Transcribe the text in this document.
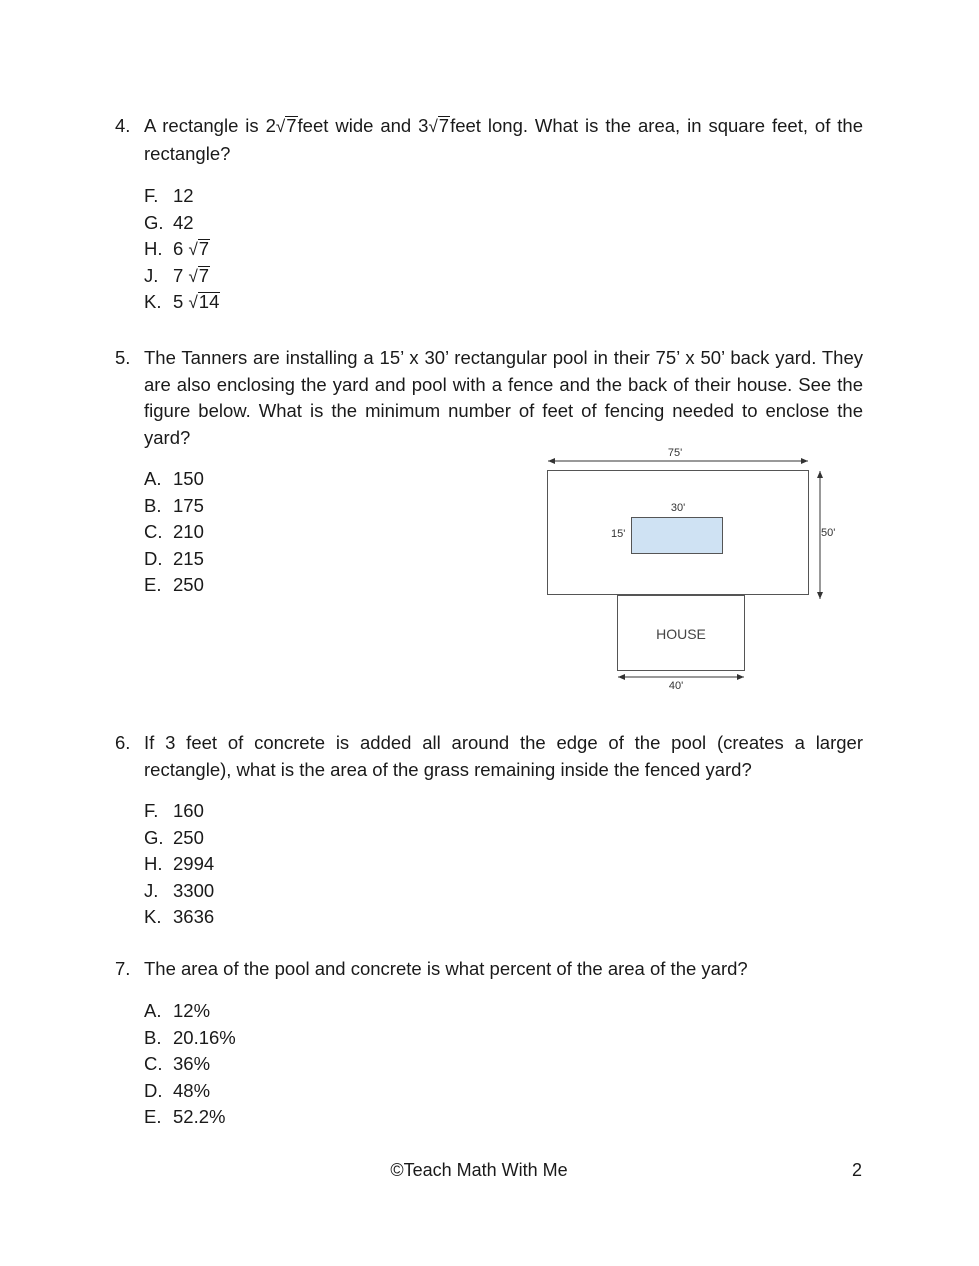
4. A rectangle is 2√7feet wide and 3√7feet long. What is the area, in square feet, of the rectangle?
F. 12
G. 42
H. 6 √7
J. 7 √7
K. 5 √14
5. The Tanners are installing a 15’ x 30’ rectangular pool in their 75’ x 50’ back yard. They are also enclosing the yard and pool with a fence and the back of their house. See the figure below. What is the minimum number of feet of fencing needed to enclose the yard?
A. 150
B. 175
C. 210
D. 215
E. 250
75'
50'
30'
15'
HOUSE
40'
6. If 3 feet of concrete is added all around the edge of the pool (creates a larger rectangle), what is the area of the grass remaining inside the fenced yard?
F. 160
G. 250
H. 2994
J. 3300
K. 3636
7. The area of the pool and concrete is what percent of the area of the yard?
A. 12%
B. 20.16%
C. 36%
D. 48%
E. 52.2%
©Teach Math With Me	2
